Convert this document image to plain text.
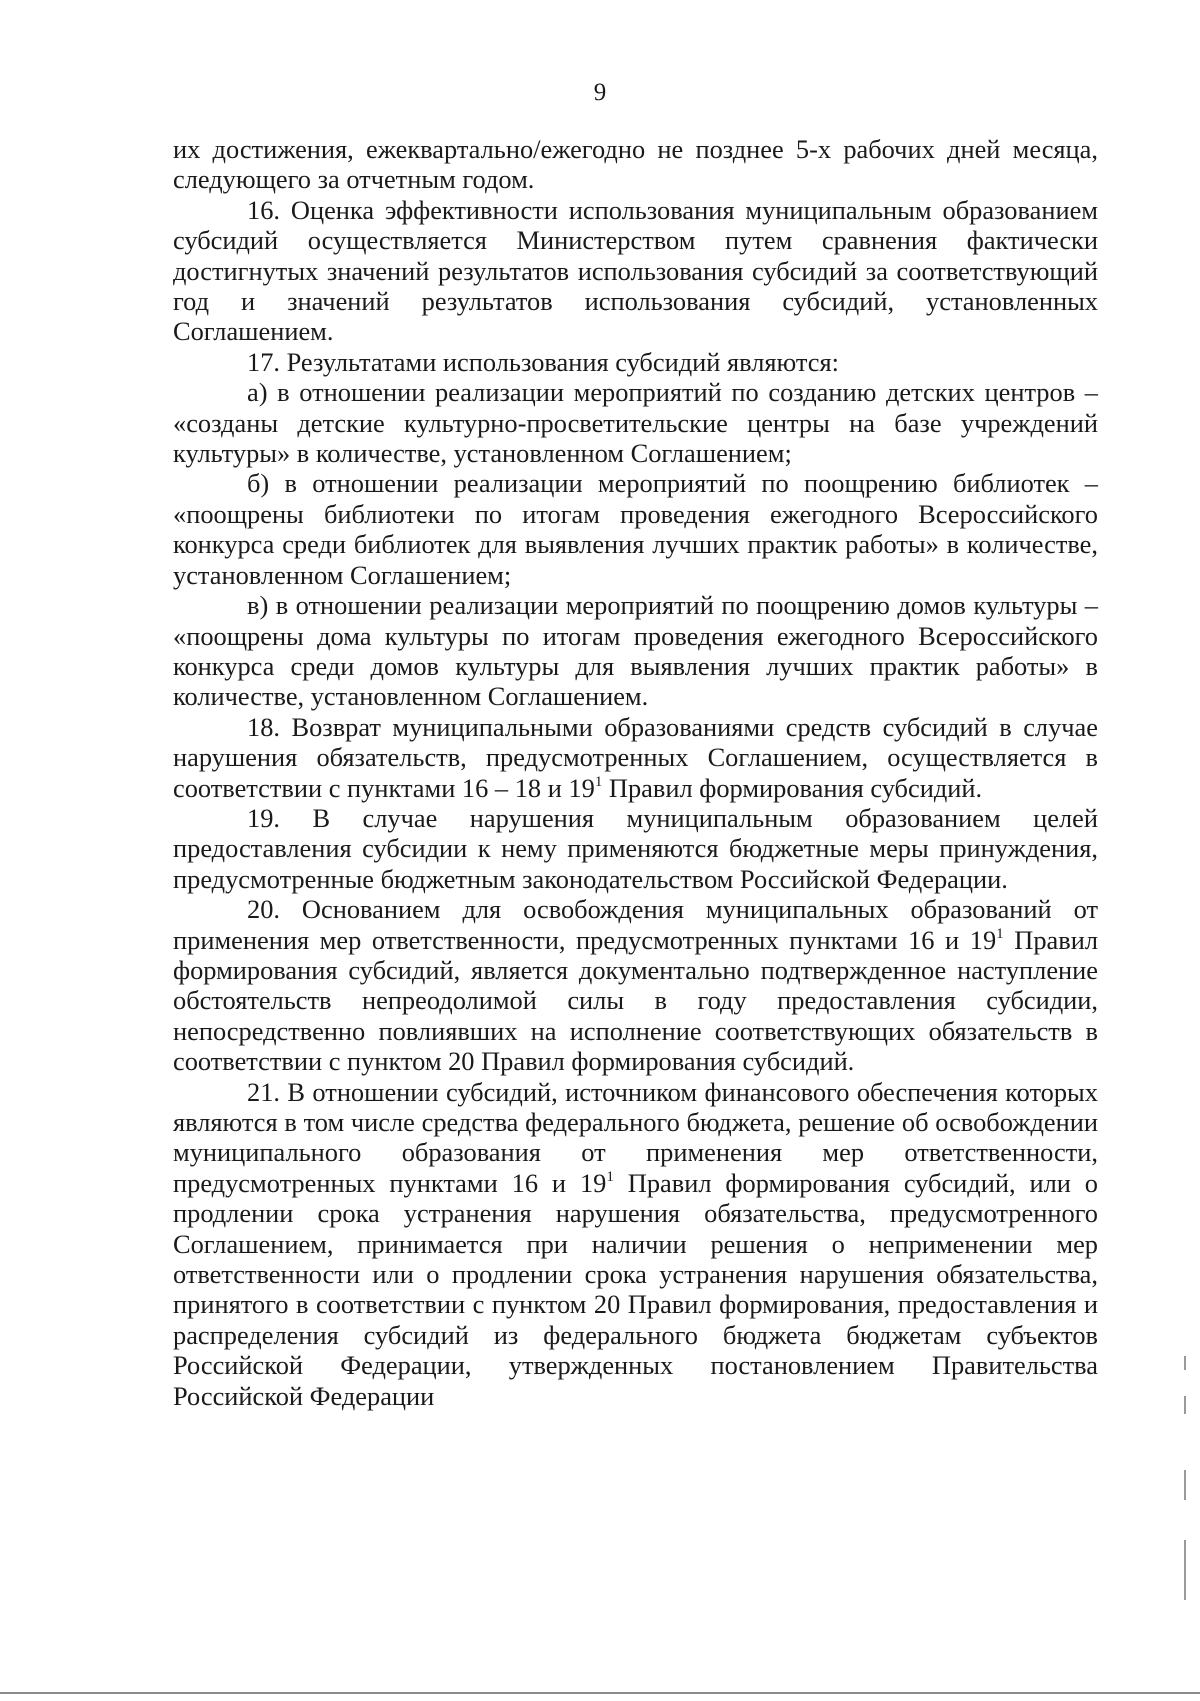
9

их достижения, ежеквартально/ежегодно не позднее 5-х рабочих дней месяца, следующего за отчетным годом.

16. Оценка эффективности использования муниципальным образованием субсидий осуществляется Министерством путем сравнения фактически достигнутых значений результатов использования субсидий за соответствующий год и значений результатов использования субсидий, установленных Соглашением.

17. Результатами использования субсидий являются:

а) в отношении реализации мероприятий по созданию детских центров – «созданы детские культурно-просветительские центры на базе учреждений культуры» в количестве, установленном Соглашением;

б) в отношении реализации мероприятий по поощрению библиотек – «поощрены библиотеки по итогам проведения ежегодного Всероссийского конкурса среди библиотек для выявления лучших практик работы» в количестве, установленном Соглашением;

в) в отношении реализации мероприятий по поощрению домов культуры – «поощрены дома культуры по итогам проведения ежегодного Всероссийского конкурса среди домов культуры для выявления лучших практик работы» в количестве, установленном Соглашением.

18. Возврат муниципальными образованиями средств субсидий в случае нарушения обязательств, предусмотренных Соглашением, осуществляется в соответствии с пунктами 16 – 18 и $19^1$ Правил формирования субсидий.

19. В случае нарушения муниципальным образованием целей предоставления субсидии к нему применяются бюджетные меры принуждения, предусмотренные бюджетным законодательством Российской Федерации.

20. Основанием для освобождения муниципальных образований от применения мер ответственности, предусмотренных пунктами 16 и $19^1$ Правил формирования субсидий, является документально подтвержденное наступление обстоятельств непреодолимой силы в году предоставления субсидии, непосредственно повлиявших на исполнение соответствующих обязательств в соответствии с пунктом 20 Правил формирования субсидий.

21. В отношении субсидий, источником финансового обеспечения которых являются в том числе средства федерального бюджета, решение об освобождении муниципального образования от применения мер ответственности, предусмотренных пунктами 16 и $19^1$ Правил формирования субсидий, или о продлении срока устранения нарушения обязательства, предусмотренного Соглашением, принимается при наличии решения о неприменении мер ответственности или о продлении срока устранения нарушения обязательства, принятого в соответствии с пунктом 20 Правил формирования, предоставления и распределения субсидий из федерального бюджета бюджетам субъектов Российской Федерации, утвержденных постановлением Правительства Российской Федерации
